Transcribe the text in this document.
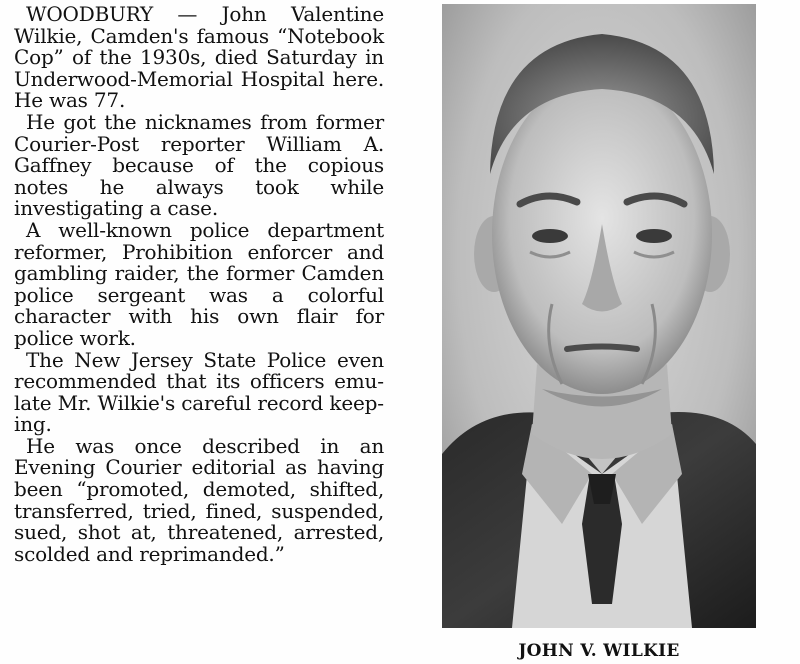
WOODBURY — John Valentine Wilkie, Camden's famous “Notebook Cop” of the 1930s, died Saturday in Underwood-Memorial Hospital here. He was 77.

He got the nicknames from former Courier-Post reporter William A. Gaffney because of the copious notes he always took while investigating a case.

A well-known police department reformer, Prohibition enforcer and gambling raider, the former Camden police sergeant was a colorful character with his own flair for police work.

The New Jersey State Police even recommended that its officers emulate Mr. Wilkie's careful record keeping.

He was once described in an Evening Courier editorial as having been “promoted, demoted, shifted, transferred, tried, fined, suspended, sued, shot at, threatened, arrested, scolded and reprimanded.”

JOHN V. WILKIE
